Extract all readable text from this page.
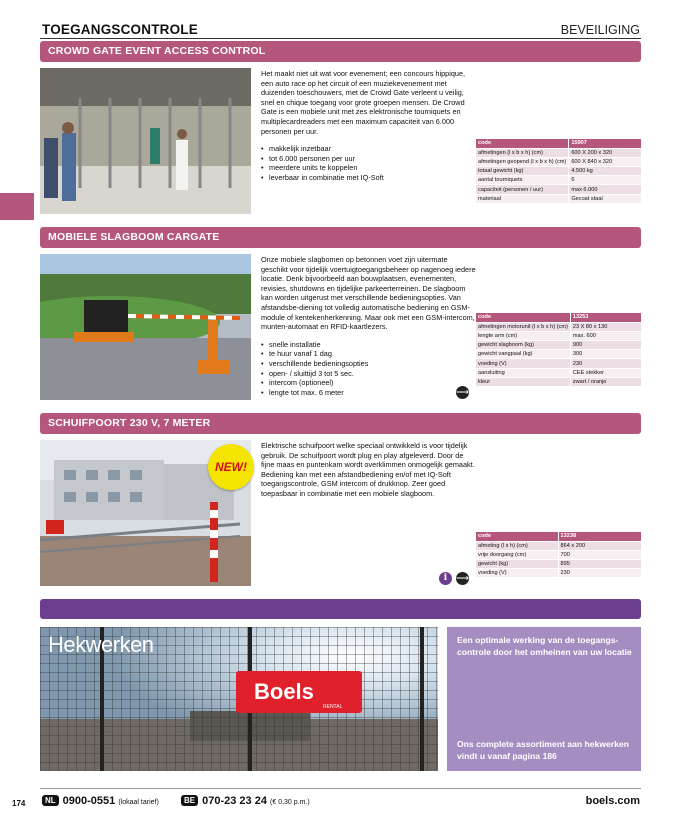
TOEGANGSCONTROLE	BEVEILIGING
CROWD GATE EVENT ACCESS CONTROL

Het maakt niet uit wat voor evenement; een concours hippique, een auto race op het circuit of een muziekevenement met duizenden toeschouwers, met de Crowd Gate verleent u veilig, snel en chique toegang voor grote groepen mensen. De Crowd Gate is een mobiele unit met zes elektronische tourniquets en multiplecardreaders met een maximum capaciteit van 6.000 personen per uur.

• makkelijk inzetbaar
• tot 6.000 personen per uur
• meerdere units te koppelen
• leverbaar in combinatie met IQ-Soft
code	15907
afmetingen (l x b x h) (cm)	600 X 200 x 320
afmetingen geopend (l x b x h) (cm)	600 X 840 x 320
totaal gewicht (kg)	4.500 kg
aantal tourniquets	6
capaciteit (personen / uur)	max 6.000
materiaal	Gecoat staal
MOBIELE SLAGBOOM CARGATE

Onze mobiele slagbomen op betonnen voet zijn uitermate geschikt voor tijdelijk voertuigtoegangsbeheer op nagenoeg iedere locatie. Denk bijvoorbeeld aan bouwplaatsen, evenementen, revisies, shutdowns en tijdelijke parkeerterreinen. De slagboom kan worden uitgerust met verschillende bedieningsopties. Van afstandsbe-diening tot volledig automatische bediening en GSM-module of kentekenherkenning. Maar ook met een GSM-intercom, munten-automaat en RFID-kaartlezers.

• snelle installatie
• te huur vanaf 1 dag
• verschillende bedieningsopties
• open- / sluittijd 3 tot 5 sec.
• intercom (optioneel)
• lengte tot max. 6 meter
code	13253
afmetingen motorunit (l x b x h) (cm)	23 X 80 x 130
lengte arm (cm)	max. 600
gewicht slagboom (kg)	900
gewicht vangpaal (kg)	300
voeding (V)	230
aansluiting	CEE stekker
kleur	zwart / oranje
⟶
SCHUIFPOORT 230 V, 7 METER
NEW!

Elektrische schuifpoort welke speciaal ontwikkeld is voor tijdelijk gebruik. De schuifpoort wordt plug en play afgeleverd. Door de fijne maas en puntenkam wordt overklimmen onmogelijk gemaakt. Bediening kan met een afstandbediening en/of met IQ-Soft toegangscontrole, GSM intercom of drukknop. Zeer goed toepasbaar in combinatie met een mobiele slagboom.

code	13238
afmeting (l x h) (cm)	864 x 200
vrije doorgang (cm)	700
gewicht (kg)	895
voeding (V)	230
i ⟶
Boels
RENTAL
Hekwerken	Een optimale werking van de toegangs-controle door het omheinen van uw locatie
Ons complete assortiment aan hekwerken vindt u vanaf pagina 186
174	NL 0900-0551 (lokaal tarief)	BE 070-23 23 24 (€ 0,30 p.m.)	boels.com
